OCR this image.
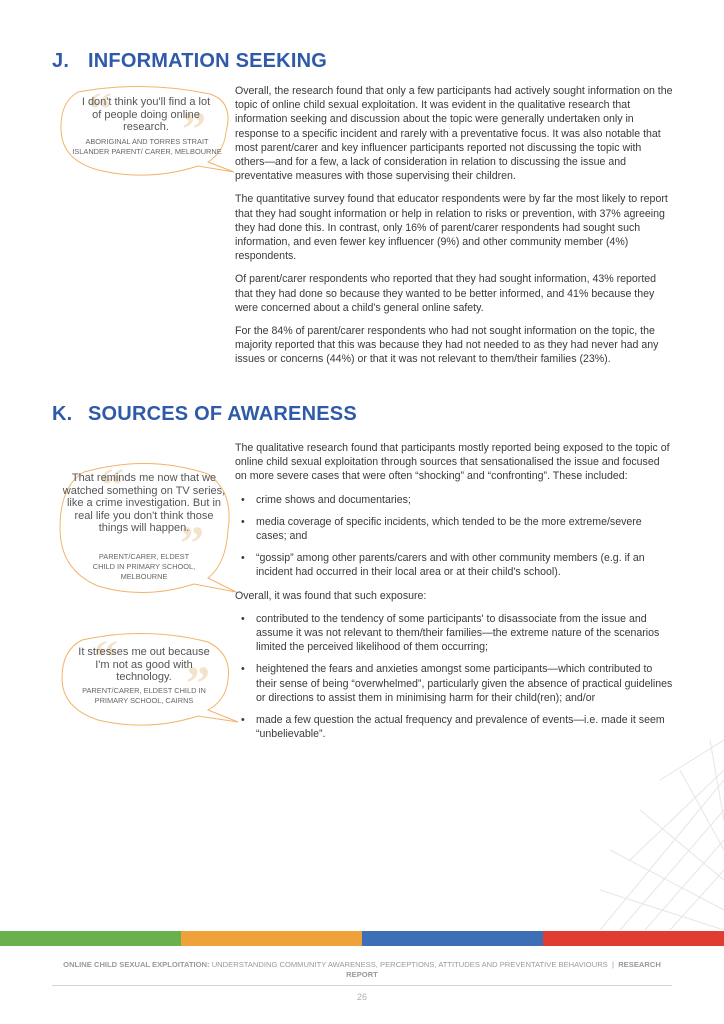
J. INFORMATION SEEKING
“ ”
I don't think you'll find a lot of people doing online research.
ABORIGINAL AND TORRES STRAIT ISLANDER PARENT/ CARER, MELBOURNE

Overall, the research found that only a few participants had actively sought information on the topic of online child sexual exploitation. It was evident in the qualitative research that information seeking and discussion about the topic were generally undertaken only in response to a specific incident and rarely with a preventative focus. It was also notable that most parent/carer and key influencer participants reported not discussing the topic with others—and for a few, a lack of consideration in relation to discussing the issue and preventative measures with those supervising their children.

The quantitative survey found that educator respondents were by far the most likely to report that they had sought information or help in relation to risks or prevention, with 37% agreeing they had done this. In contrast, only 16% of parent/carer respondents had sought such information, and even fewer key influencer (9%) and other community member (4%) respondents.

Of parent/carer respondents who reported that they had sought information, 43% reported that they had done so because they wanted to be better informed, and 41% because they were concerned about a child's general online safety.

For the 84% of parent/carer respondents who had not sought information on the topic, the majority reported that this was because they had not needed to as they had never had any issues or concerns (44%) or that it was not relevant to them/their families (23%).

K. SOURCES OF AWARENESS
“
”
That reminds me now that we watched something on TV series, like a crime investigation. But in real life you don't think those things will happen.
PARENT/CARER, ELDEST CHILD IN PRIMARY SCHOOL, MELBOURNE
“ ”
It stresses me out because I'm not as good with technology.
PARENT/CARER, ELDEST CHILD IN PRIMARY SCHOOL, CAIRNS

The qualitative research found that participants mostly reported being exposed to the topic of online child sexual exploitation through sources that sensationalised the issue and focused on more severe cases that were often “shocking” and “confronting”. These included:

• crime shows and documentaries;
• media coverage of specific incidents, which tended to be the more extreme/severe cases; and
• “gossip” among other parents/carers and with other community members (e.g. if an incident had occurred in their local area or at their child's school).

Overall, it was found that such exposure:

• contributed to the tendency of some participants' to disassociate from the issue and assume it was not relevant to them/their families—the extreme nature of the scenarios limited the perceived likelihood of them occurring;
• heightened the fears and anxieties amongst some participants—which contributed to their sense of being “overwhelmed”, particularly given the absence of practical guidelines or directions to assist them in minimising harm for their child(ren); and/or
• made a few question the actual frequency and prevalence of events—i.e. made it seem “unbelievable”.
ONLINE CHILD SEXUAL EXPLOITATION: UNDERSTANDING COMMUNITY AWARENESS, PERCEPTIONS, ATTITUDES AND PREVENTATIVE BEHAVIOURS | RESEARCH REPORT
26
